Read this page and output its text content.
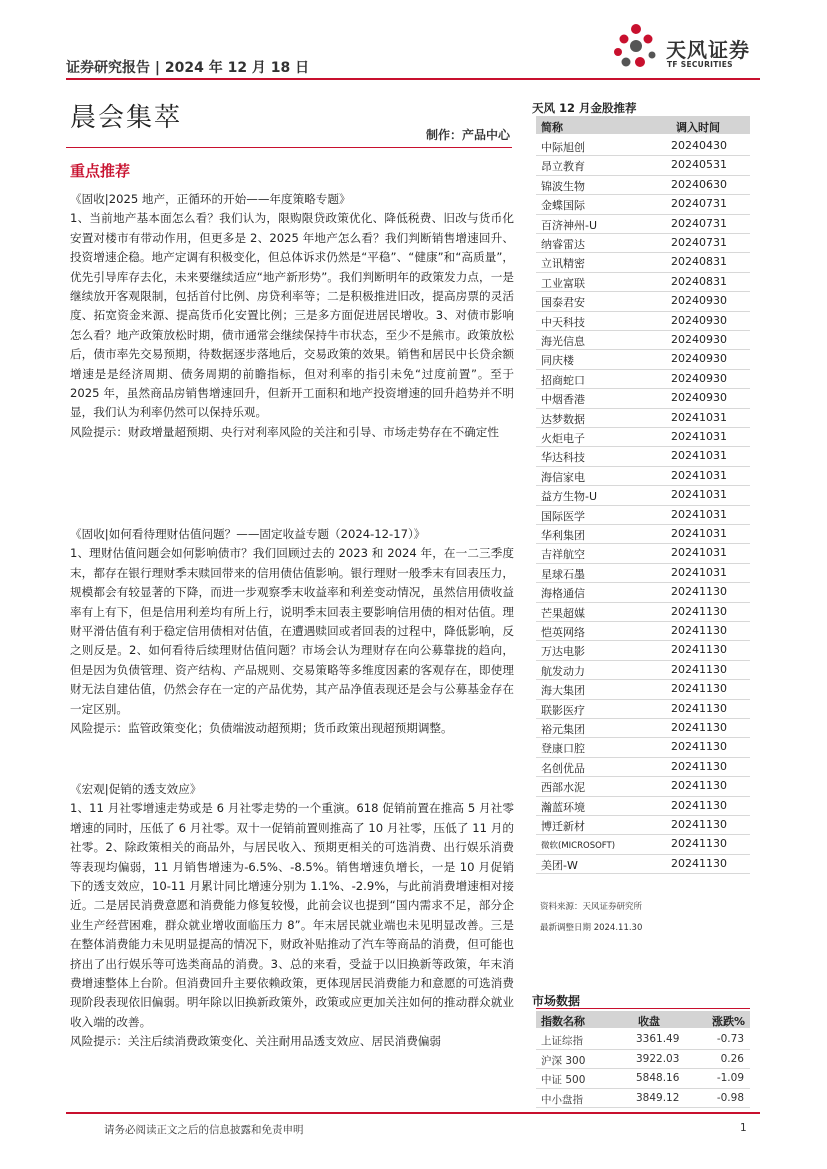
证券研究报告 | 2024 年 12 月 18 日
天风证券
TF SECURITIES
晨会集萃
制作：产品中心
重点推荐

《固收|2025 地产，正循环的开始——年度策略专题》

1、当前地产基本面怎么看？我们认为，限购限贷政策优化、降低税费、旧改与货币化安置对楼市有带动作用，但更多是 2、2025 年地产怎么看？我们判断销售增速回升、投资增速企稳。地产定调有积极变化，但总体诉求仍然是“平稳”、“健康”和“高质量”，优先引导库存去化，未来要继续适应“地产新形势”。我们判断明年的政策发力点，一是继续放开客观限制，包括首付比例、房贷利率等；二是积极推进旧改，提高房票的灵活度、拓宽资金来源、提高货币化安置比例；三是多方面促进居民增收。3、对债市影响怎么看？地产政策放松时期，债市通常会继续保持牛市状态，至少不是熊市。政策放松后，债市率先交易预期，待数据逐步落地后，交易政策的效果。销售和居民中长贷余额增速是是经济周期、债务周期的前瞻指标，但对利率的指引未免“过度前置”。至于 2025 年，虽然商品房销售增速回升，但新开工面积和地产投资增速的回升趋势并不明显，我们认为利率仍然可以保持乐观。

风险提示：财政增量超预期、央行对利率风险的关注和引导、市场走势存在不确定性

《固收|如何看待理财估值问题？——固定收益专题（2024-12-17）》

1、理财估值问题会如何影响债市？我们回顾过去的 2023 和 2024 年，在一二三季度末，都存在银行理财季末赎回带来的信用债估值影响。银行理财一般季末有回表压力，规模都会有较显著的下降，而进一步观察季末收益率和利差变动情况，虽然信用债收益率有上有下，但是信用利差均有所上行，说明季末回表主要影响信用债的相对估值。理财平滑估值有利于稳定信用债相对估值，在遭遇赎回或者回表的过程中，降低影响，反之则反是。2、如何看待后续理财估值问题？市场会认为理财存在向公募靠拢的趋向，但是因为负债管理、资产结构、产品规则、交易策略等多维度因素的客观存在，即使理财无法自建估值，仍然会存在一定的产品优势，其产品净值表现还是会与公募基金存在一定区别。

风险提示：监管政策变化；负债端波动超预期；货币政策出现超预期调整。

《宏观|促销的透支效应》

1、11 月社零增速走势或是 6 月社零走势的一个重演。618 促销前置在推高 5 月社零增速的同时，压低了 6 月社零。双十一促销前置则推高了 10 月社零，压低了 11 月的社零。2、除政策相关的商品外，与居民收入、预期更相关的可选消费、出行娱乐消费等表现均偏弱，11 月销售增速为-6.5%、-8.5%。销售增速负增长，一是 10 月促销下的透支效应，10-11 月累计同比增速分别为 1.1%、-2.9%，与此前消费增速相对接近。二是居民消费意愿和消费能力修复较慢，此前会议也提到“国内需求不足，部分企业生产经营困难，群众就业增收面临压力 8”。年末居民就业端也未见明显改善。三是在整体消费能力未见明显提高的情况下，财政补贴推动了汽车等商品的消费，但可能也挤出了出行娱乐等可选类商品的消费。3、总的来看，受益于以旧换新等政策，年末消费增速整体上台阶。但消费回升主要依赖政策，更体现居民消费能力和意愿的可选消费现阶段表现依旧偏弱。明年除以旧换新政策外，政策或应更加关注如何的推动群众就业收入端的改善。

风险提示：关注后续消费政策变化、关注耐用品透支效应、居民消费偏弱

天风 12 月金股推荐
简称	调入时间
中际旭创	20240430
昂立教育	20240531
锦波生物	20240630
金蝶国际	20240731
百济神州-U	20240731
纳睿雷达	20240731
立讯精密	20240831
工业富联	20240831
国泰君安	20240930
中天科技	20240930
海光信息	20240930
同庆楼	20240930
招商蛇口	20240930
中烟香港	20240930
达梦数据	20241031
火炬电子	20241031
华达科技	20241031
海信家电	20241031
益方生物-U	20241031
国际医学	20241031
华利集团	20241031
吉祥航空	20241031
星球石墨	20241031
海格通信	20241130
芒果超媒	20241130
恺英网络	20241130
万达电影	20241130
航发动力	20241130
海大集团	20241130
联影医疗	20241130
裕元集团	20241130
登康口腔	20241130
名创优品	20241130
西部水泥	20241130
瀚蓝环境	20241130
博迁新材	20241130
微软(MICROSOFT)	20241130
美团-W	20241130
资料来源：天风证券研究所
最新调整日期 2024.11.30
市场数据
指数名称	收盘	涨跌%
上证综指	3361.49	-0.73
沪深 300	3922.03	0.26
中证 500	5848.16	-1.09
中小盘指	3849.12	-0.98
请务必阅读正文之后的信息披露和免责申明	1
